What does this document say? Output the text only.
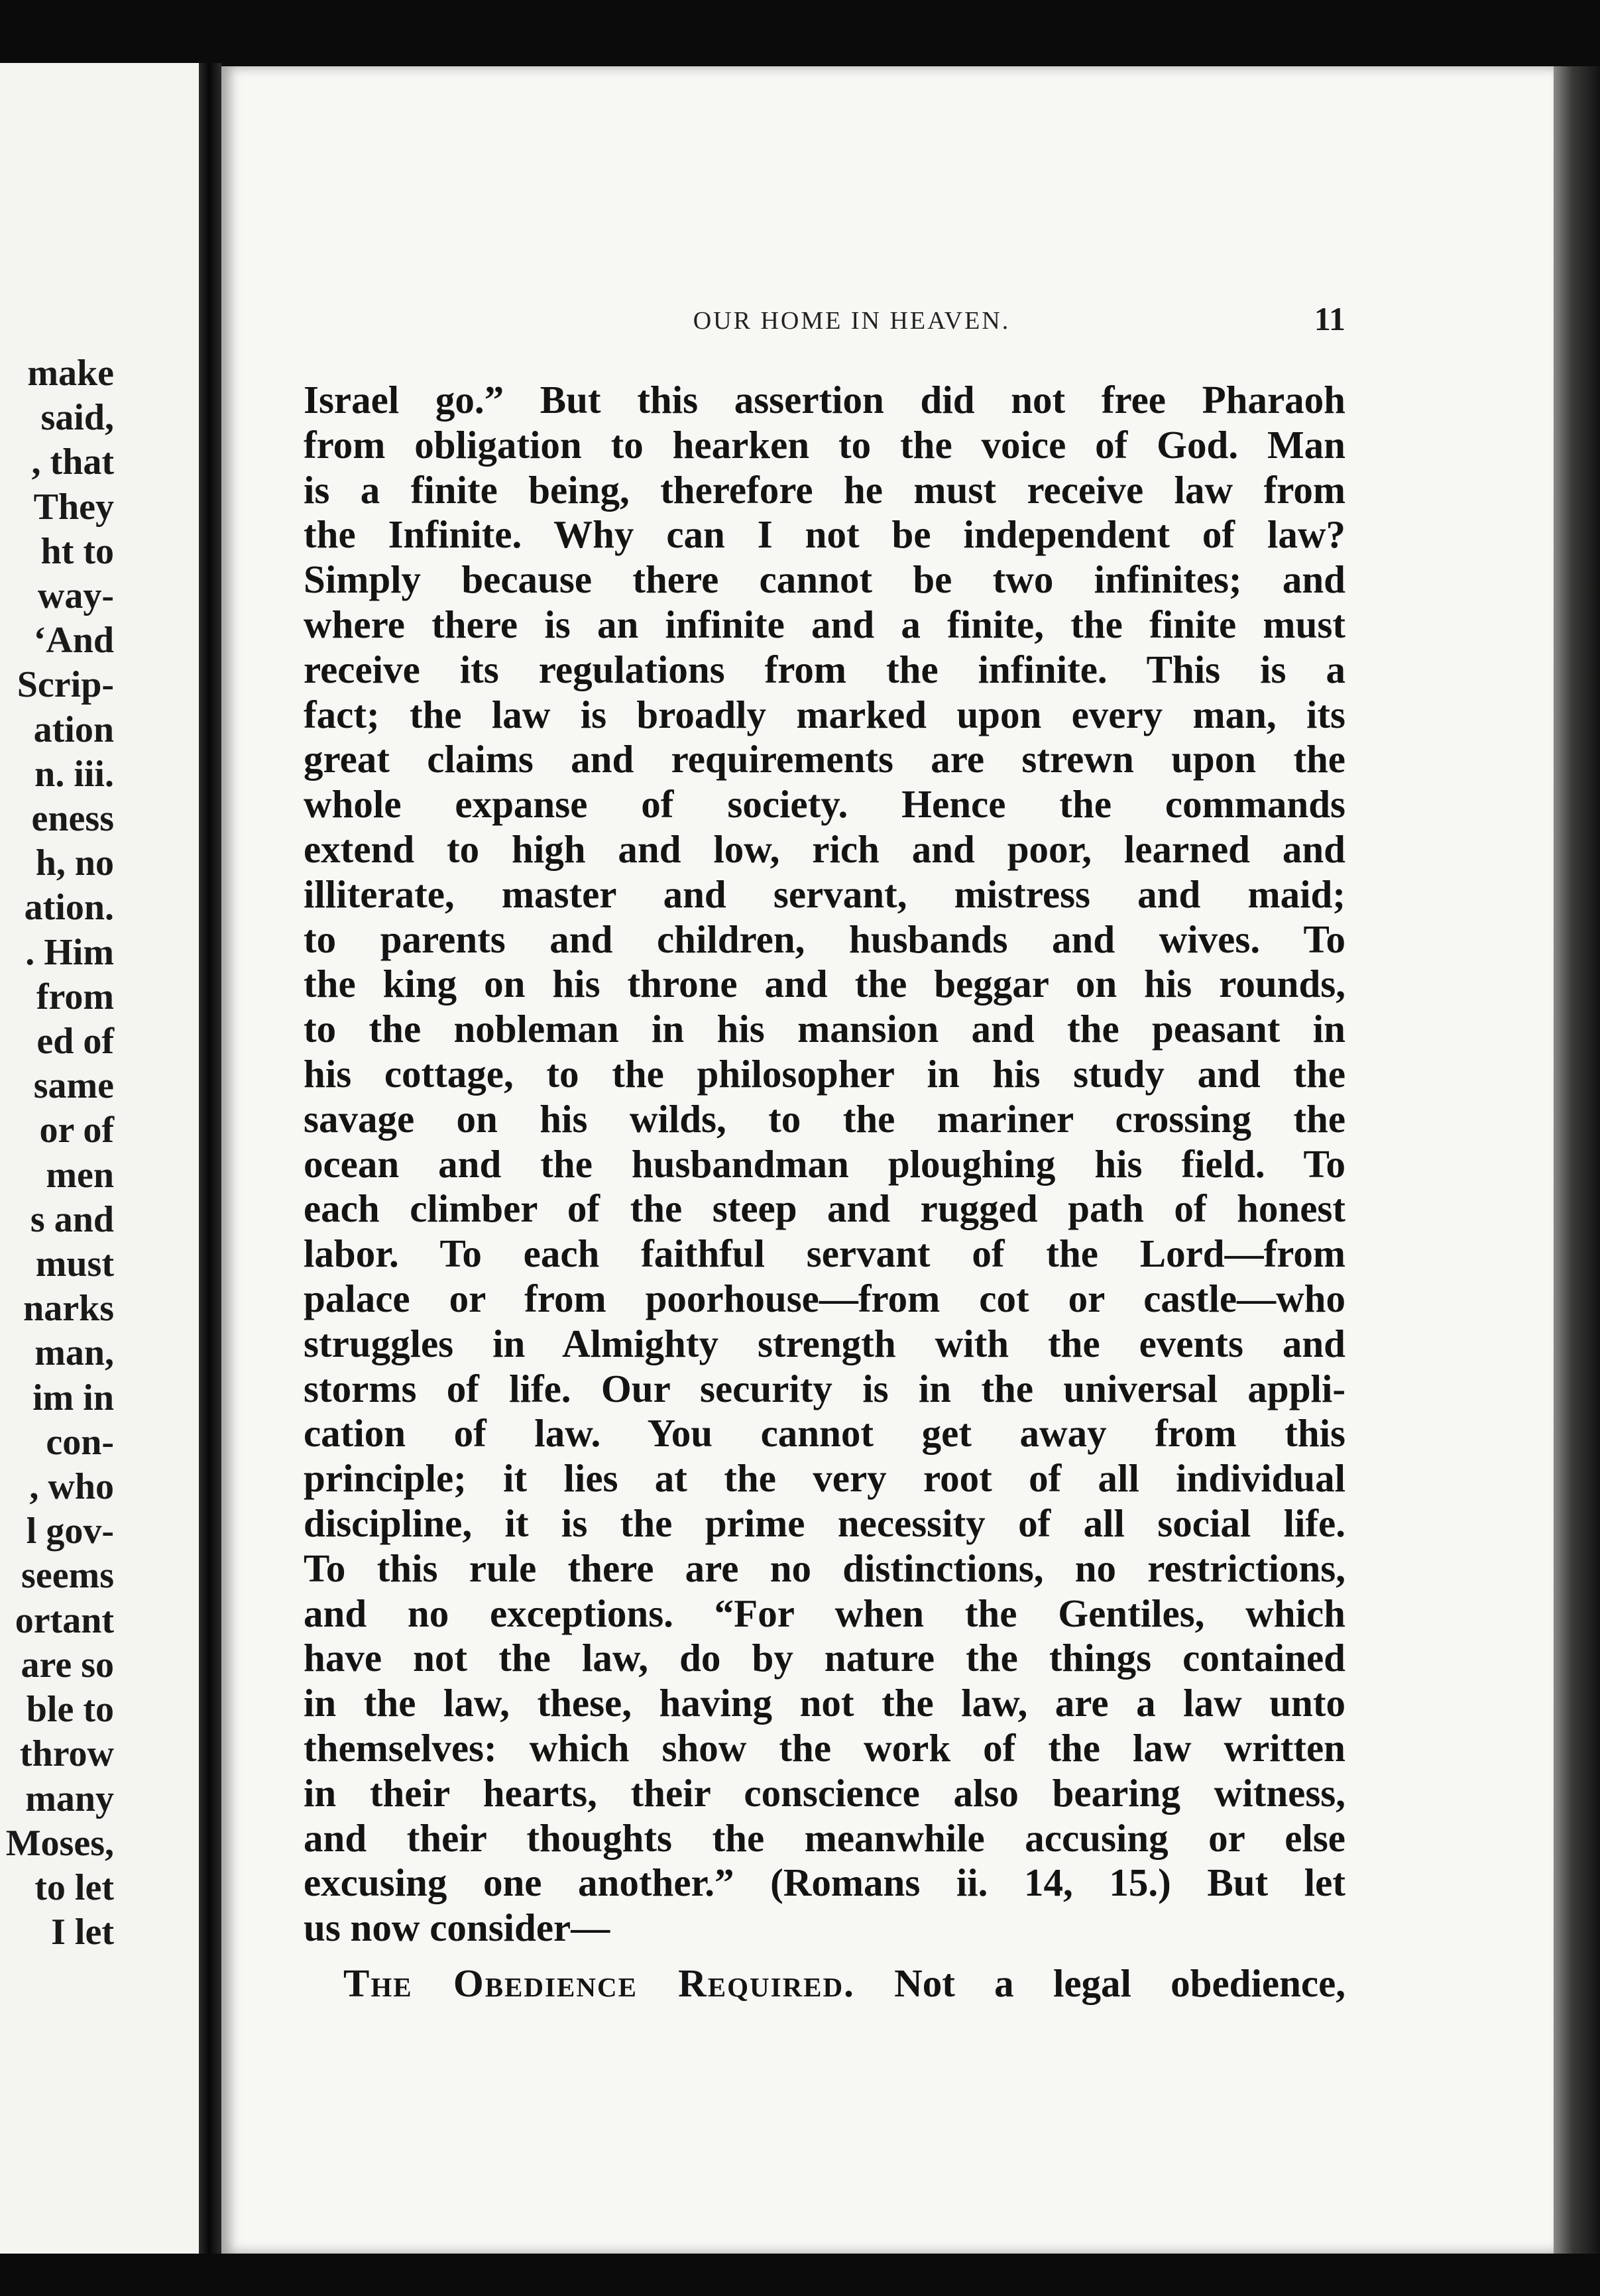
make
said,
, that
They
ht to
way-
‘And
Scrip-
ation
n. iii.
eness
h, no
ation.
. Him
from
ed of
same
or of
men
s and
must
narks
man,
im in
con-
, who
l gov-
seems
ortant
are so
ble to
throw
many
Moses,
to let
I let
OUR HOME IN HEAVEN.	11
Israel go.” But this assertion did not free Pharaoh
from obligation to hearken to the voice of God. Man
is a finite being, therefore he must receive law from
the Infinite. Why can I not be independent of law?
Simply because there cannot be two infinites; and
where there is an infinite and a finite, the finite must
receive its regulations from the infinite. This is a
fact; the law is broadly marked upon every man, its
great claims and requirements are strewn upon the
whole expanse of society. Hence the commands
extend to high and low, rich and poor, learned and
illiterate, master and servant, mistress and maid;
to parents and children, husbands and wives. To
the king on his throne and the beggar on his rounds,
to the nobleman in his mansion and the peasant in
his cottage, to the philosopher in his study and the
savage on his wilds, to the mariner crossing the
ocean and the husbandman ploughing his field. To
each climber of the steep and rugged path of honest
labor. To each faithful servant of the Lord—from
palace or from poorhouse—from cot or castle—who
struggles in Almighty strength with the events and
storms of life. Our security is in the universal appli-
cation of law. You cannot get away from this
principle; it lies at the very root of all individual
discipline, it is the prime necessity of all social life.
To this rule there are no distinctions, no restrictions,
and no exceptions. “For when the Gentiles, which
have not the law, do by nature the things contained
in the law, these, having not the law, are a law unto
themselves: which show the work of the law written
in their hearts, their conscience also bearing witness,
and their thoughts the meanwhile accusing or else
excusing one another.” (Romans ii. 14, 15.) But let
us now consider—
The Obedience Required. Not a legal obedience,
